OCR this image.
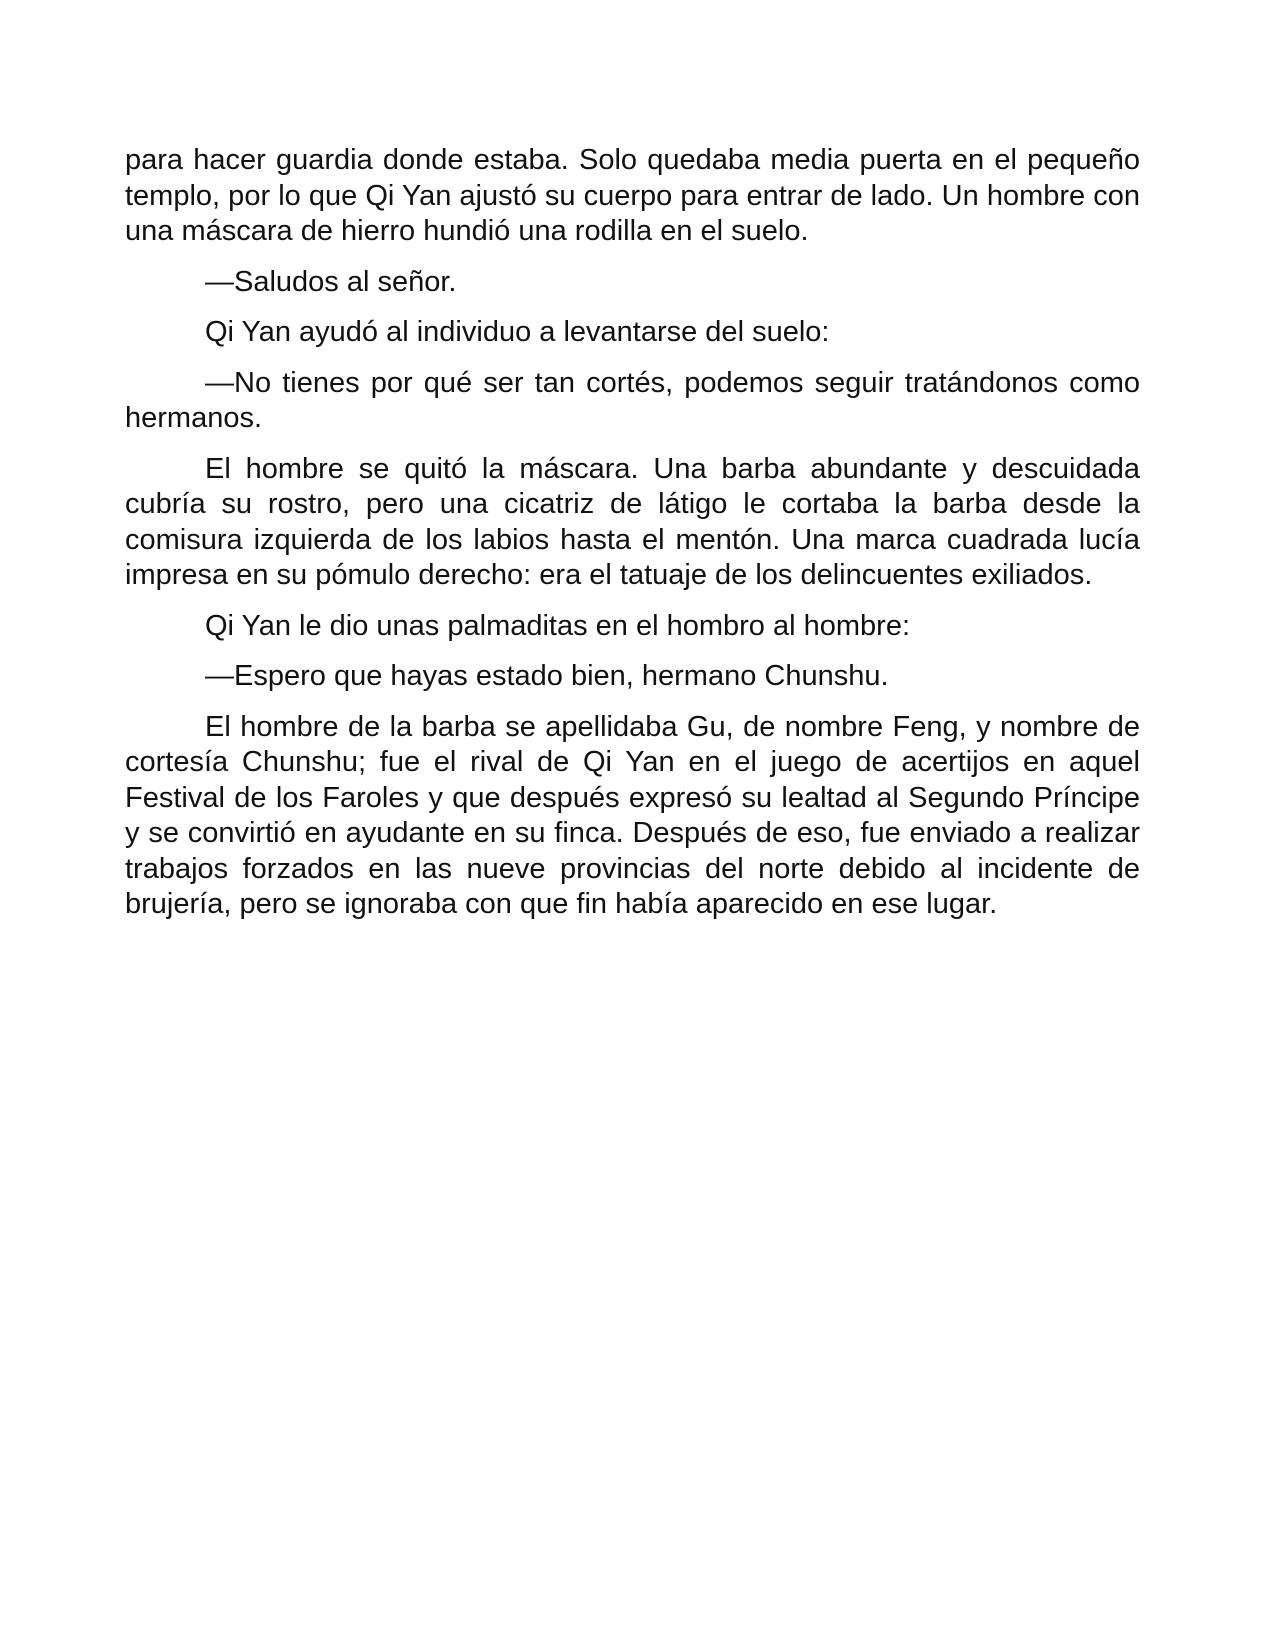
para hacer guardia donde estaba. Solo quedaba media puerta en el pequeño templo, por lo que Qi Yan ajustó su cuerpo para entrar de lado. Un hombre con una máscara de hierro hundió una rodilla en el suelo.

—Saludos al señor.

Qi Yan ayudó al individuo a levantarse del suelo:

—No tienes por qué ser tan cortés, podemos seguir tratándonos como hermanos.

El hombre se quitó la máscara. Una barba abundante y descuidada cubría su rostro, pero una cicatriz de látigo le cortaba la barba desde la comisura izquierda de los labios hasta el mentón. Una marca cuadrada lucía impresa en su pómulo derecho: era el tatuaje de los delincuentes exiliados.

Qi Yan le dio unas palmaditas en el hombro al hombre:

—Espero que hayas estado bien, hermano Chunshu.

El hombre de la barba se apellidaba Gu, de nombre Feng, y nombre de cortesía Chunshu; fue el rival de Qi Yan en el juego de acertijos en aquel Festival de los Faroles y que después expresó su lealtad al Segundo Príncipe y se convirtió en ayudante en su finca. Después de eso, fue enviado a realizar trabajos forzados en las nueve provincias del norte debido al incidente de brujería, pero se ignoraba con que fin había aparecido en ese lugar.
